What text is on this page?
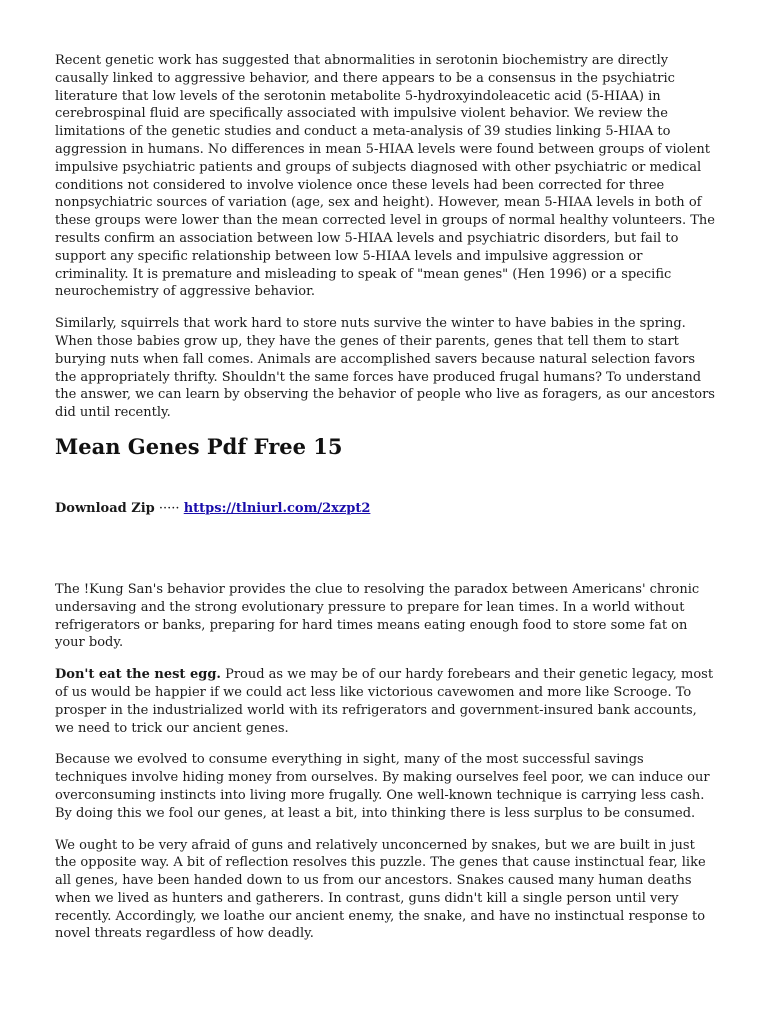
Recent genetic work has suggested that abnormalities in serotonin biochemistry are directly causally linked to aggressive behavior, and there appears to be a consensus in the psychiatric literature that low levels of the serotonin metabolite 5-hydroxyindoleacetic acid (5-HIAA) in cerebrospinal fluid are specifically associated with impulsive violent behavior. We review the limitations of the genetic studies and conduct a meta-analysis of 39 studies linking 5-HIAA to aggression in humans. No differences in mean 5-HIAA levels were found between groups of violent impulsive psychiatric patients and groups of subjects diagnosed with other psychiatric or medical conditions not considered to involve violence once these levels had been corrected for three nonpsychiatric sources of variation (age, sex and height). However, mean 5-HIAA levels in both of these groups were lower than the mean corrected level in groups of normal healthy volunteers. The results confirm an association between low 5-HIAA levels and psychiatric disorders, but fail to support any specific relationship between low 5-HIAA levels and impulsive aggression or criminality. It is premature and misleading to speak of "mean genes" (Hen 1996) or a specific neurochemistry of aggressive behavior.

Similarly, squirrels that work hard to store nuts survive the winter to have babies in the spring. When those babies grow up, they have the genes of their parents, genes that tell them to start burying nuts when fall comes. Animals are accomplished savers because natural selection favors the appropriately thrifty. Shouldn't the same forces have produced frugal humans? To understand the answer, we can learn by observing the behavior of people who live as foragers, as our ancestors did until recently.

Mean Genes Pdf Free 15
Download Zip ····· https://tlniurl.com/2xzpt2

The !Kung San's behavior provides the clue to resolving the paradox between Americans' chronic undersaving and the strong evolutionary pressure to prepare for lean times. In a world without refrigerators or banks, preparing for hard times means eating enough food to store some fat on your body.

Don't eat the nest egg. Proud as we may be of our hardy forebears and their genetic legacy, most of us would be happier if we could act less like victorious cavewomen and more like Scrooge. To prosper in the industrialized world with its refrigerators and government-insured bank accounts, we need to trick our ancient genes.

Because we evolved to consume everything in sight, many of the most successful savings techniques involve hiding money from ourselves. By making ourselves feel poor, we can induce our overconsuming instincts into living more frugally. One well-known technique is carrying less cash. By doing this we fool our genes, at least a bit, into thinking there is less surplus to be consumed.

We ought to be very afraid of guns and relatively unconcerned by snakes, but we are built in just the opposite way. A bit of reflection resolves this puzzle. The genes that cause instinctual fear, like all genes, have been handed down to us from our ancestors. Snakes caused many human deaths when we lived as hunters and gatherers. In contrast, guns didn't kill a single person until very recently. Accordingly, we loathe our ancient enemy, the snake, and have no instinctual response to novel threats regardless of how deadly.
